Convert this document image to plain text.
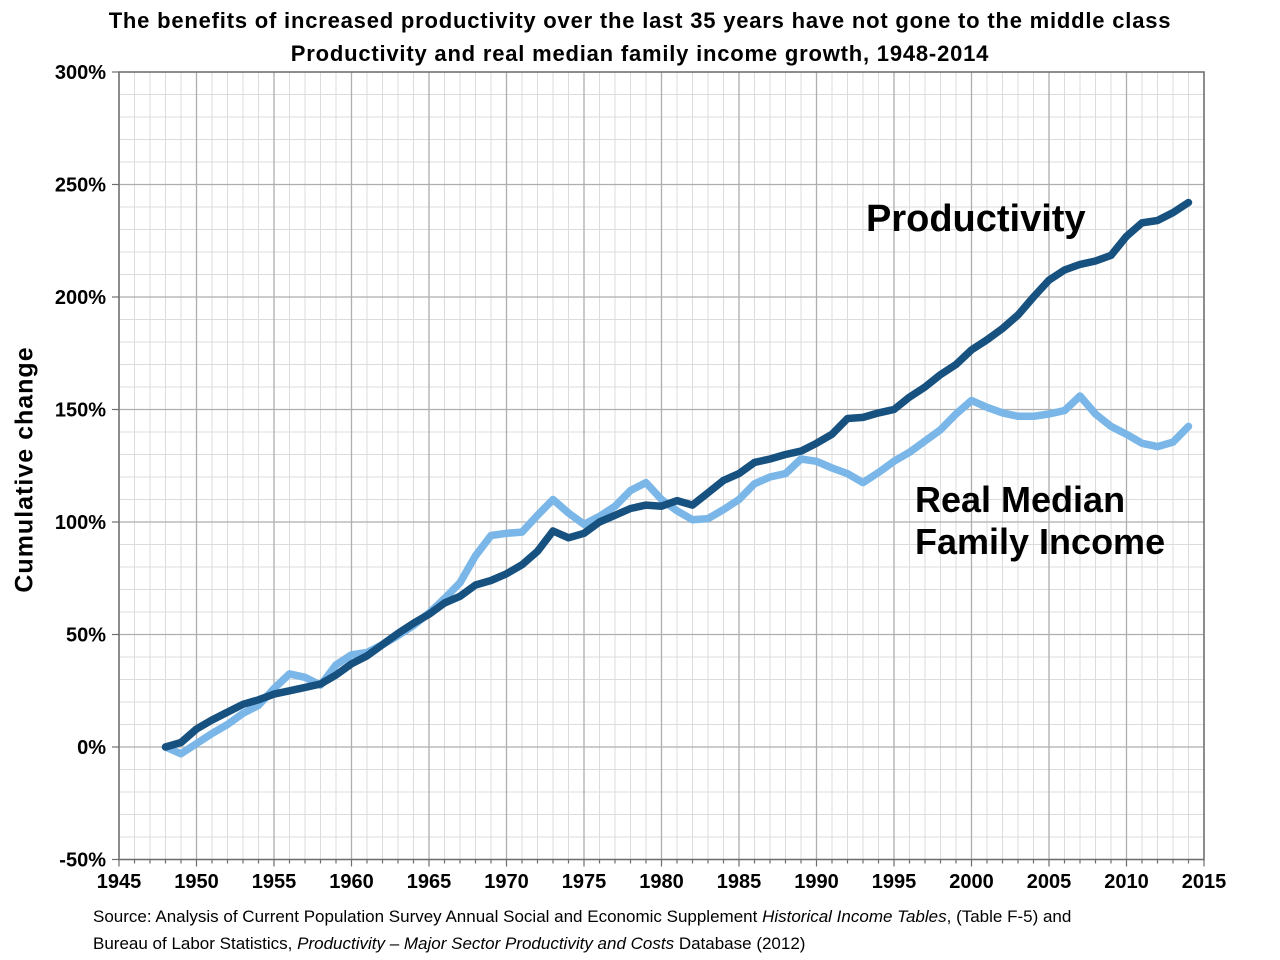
300%
250%
200%
150%
100%
50%
0%
-50%
1945 1950 1955 1960 1965 1970 1975 1980 1985 1990 1995 2000 2005 2010 2015
The benefits of increased productivity over the last 35 years have not gone to the middle class
Productivity and real median family income growth, 1948-2014
Cumulative change
Productivity
Real Median
Family Income
Source: Analysis of Current Population Survey Annual Social and Economic Supplement Historical Income Tables, (Table F-5) and
Bureau of Labor Statistics, Productivity – Major Sector Productivity and Costs Database (2012)
